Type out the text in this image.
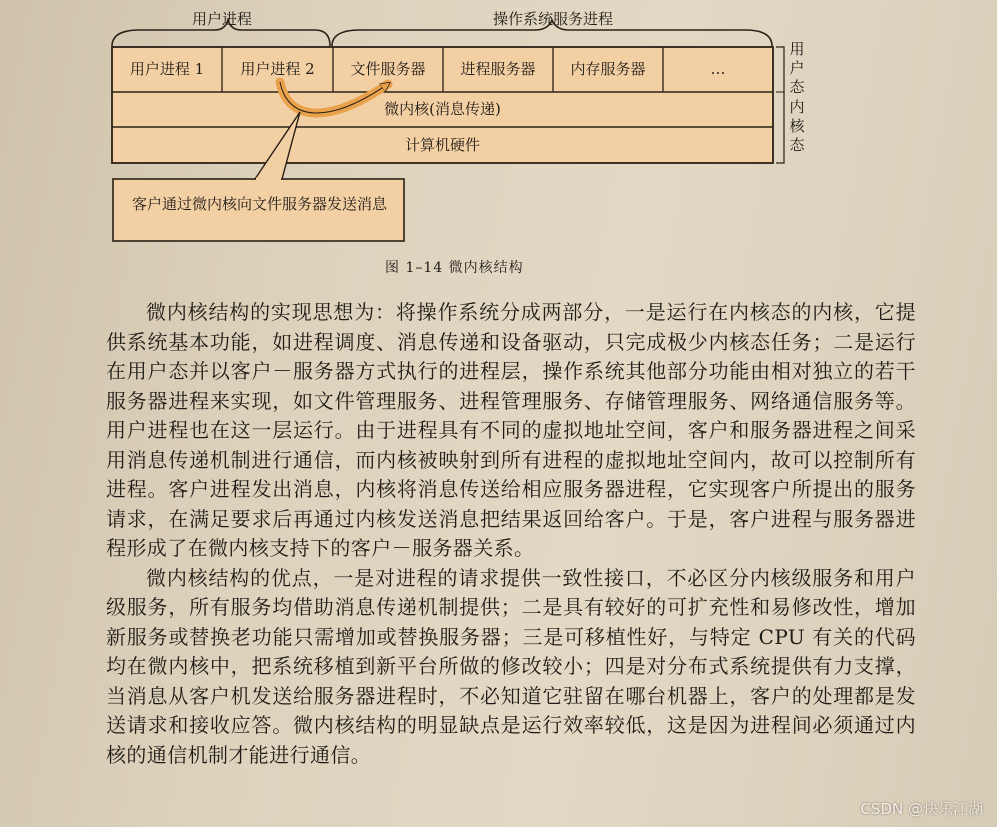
用户进程	操作系统服务进程
用户进程 1	用户进程 2	文件服务器	进程服务器	内存服务器	…
微内核(消息传递)
计算机硬件
用户态
内核态
客户通过微内核向文件服务器发送消息
图 1–14 微内核结构

微内核结构的实现思想为：将操作系统分成两部分，一是运行在内核态的内核，它提供系统基本功能，如进程调度、消息传递和设备驱动，只完成极少内核态任务；二是运行在用户态并以客户－服务器方式执行的进程层，操作系统其他部分功能由相对独立的若干服务器进程来实现，如文件管理服务、进程管理服务、存储管理服务、网络通信服务等。用户进程也在这一层运行。由于进程具有不同的虚拟地址空间，客户和服务器进程之间采用消息传递机制进行通信，而内核被映射到所有进程的虚拟地址空间内，故可以控制所有进程。客户进程发出消息，内核将消息传送给相应服务器进程，它实现客户所提出的服务请求，在满足要求后再通过内核发送消息把结果返回给客户。于是，客户进程与服务器进程形成了在微内核支持下的客户－服务器关系。

微内核结构的优点，一是对进程的请求提供一致性接口，不必区分内核级服务和用户级服务，所有服务均借助消息传递机制提供；二是具有较好的可扩充性和易修改性，增加新服务或替换老功能只需增加或替换服务器；三是可移植性好，与特定 CPU 有关的代码均在微内核中，把系统移植到新平台所做的修改较小；四是对分布式系统提供有力支撑，当消息从客户机发送给服务器进程时，不必知道它驻留在哪台机器上，客户的处理都是发送请求和接收应答。微内核结构的明显缺点是运行效率较低，这是因为进程间必须通过内核的通信机制才能进行通信。

CSDN @快乐江湖
